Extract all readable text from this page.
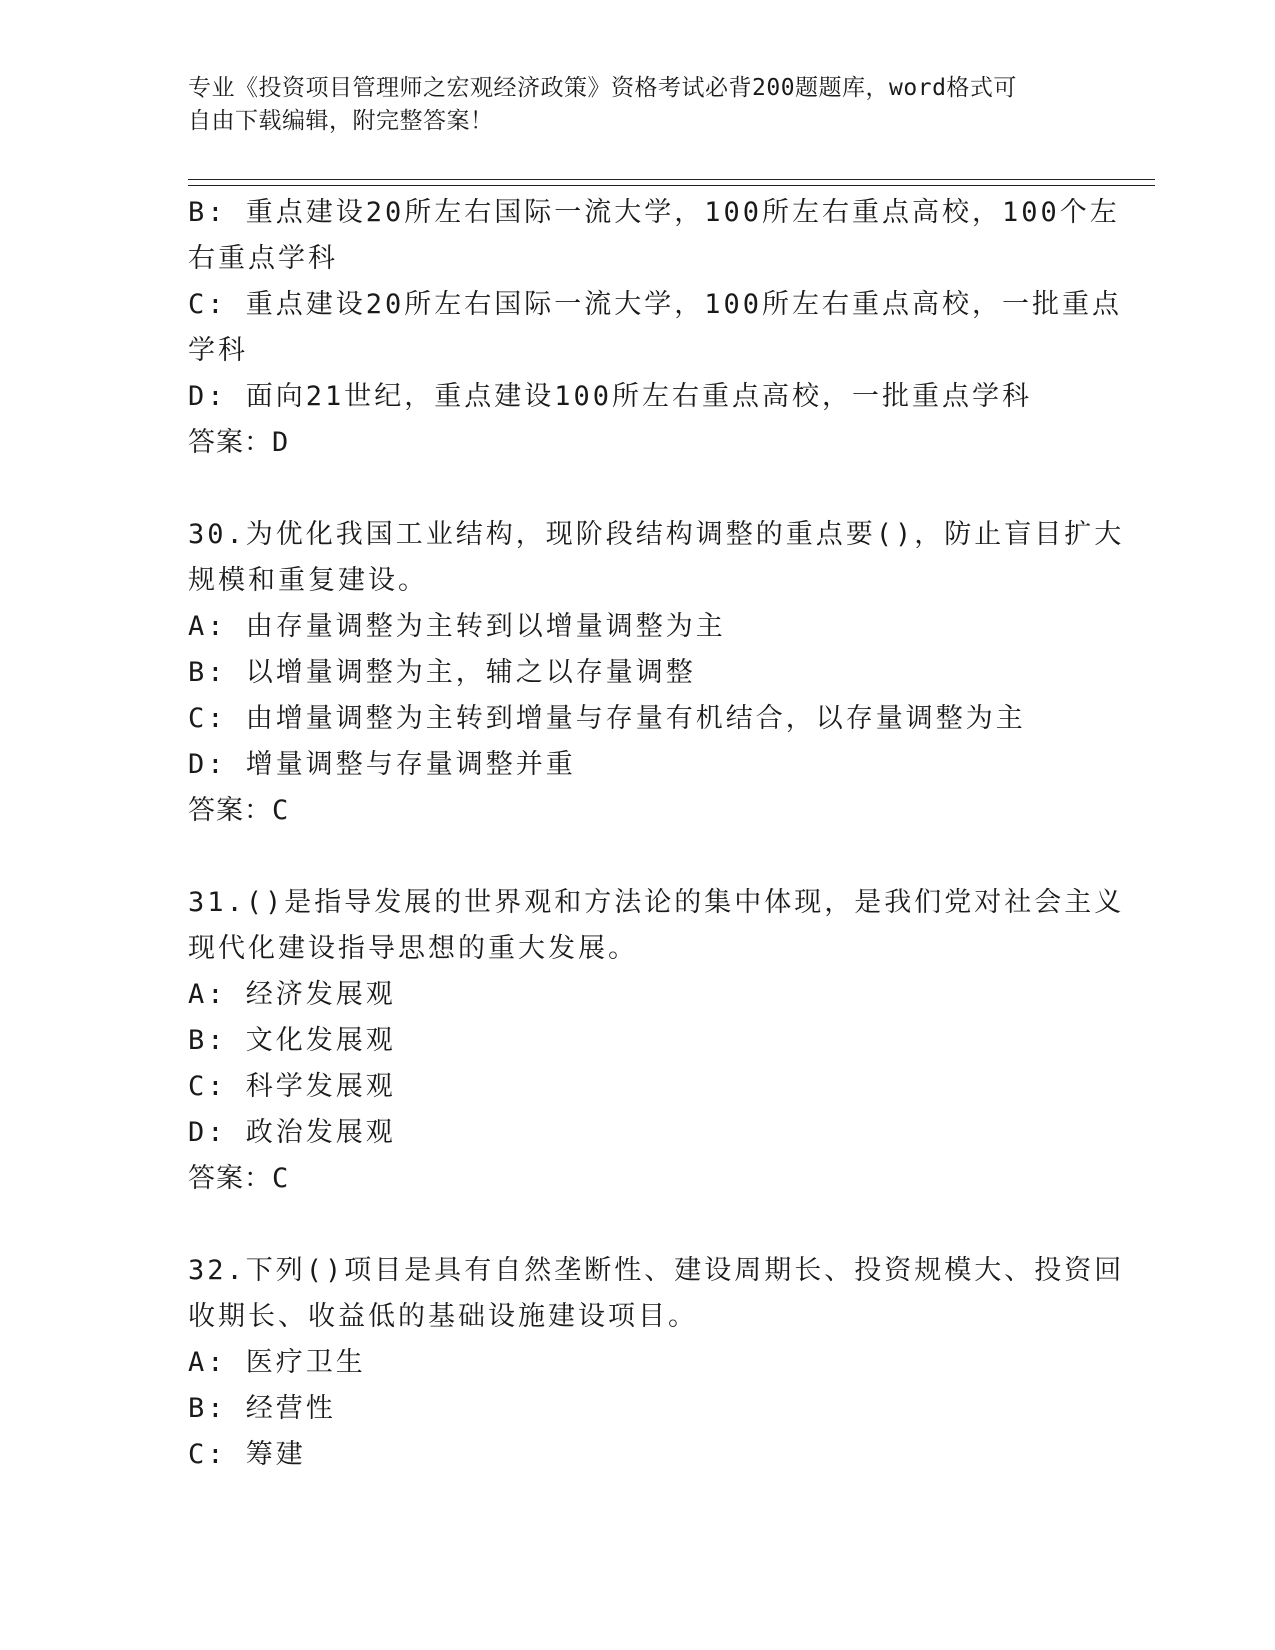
专业《投资项目管理师之宏观经济政策》资格考试必背200题题库，word格式可
自由下载编辑，附完整答案！
B: 重点建设20所左右国际一流大学，100所左右重点高校，100个左
右重点学科
C: 重点建设20所左右国际一流大学，100所左右重点高校，一批重点
学科
D: 面向21世纪，重点建设100所左右重点高校，一批重点学科
答案：D
30.为优化我国工业结构，现阶段结构调整的重点要()，防止盲目扩大
规模和重复建设。
A: 由存量调整为主转到以增量调整为主
B: 以增量调整为主，辅之以存量调整
C: 由增量调整为主转到增量与存量有机结合，以存量调整为主
D: 增量调整与存量调整并重
答案：C
31.()是指导发展的世界观和方法论的集中体现，是我们党对社会主义
现代化建设指导思想的重大发展。
A: 经济发展观
B: 文化发展观
C: 科学发展观
D: 政治发展观
答案：C
32.下列()项目是具有自然垄断性、建设周期长、投资规模大、投资回
收期长、收益低的基础设施建设项目。
A: 医疗卫生
B: 经营性
C: 筹建
